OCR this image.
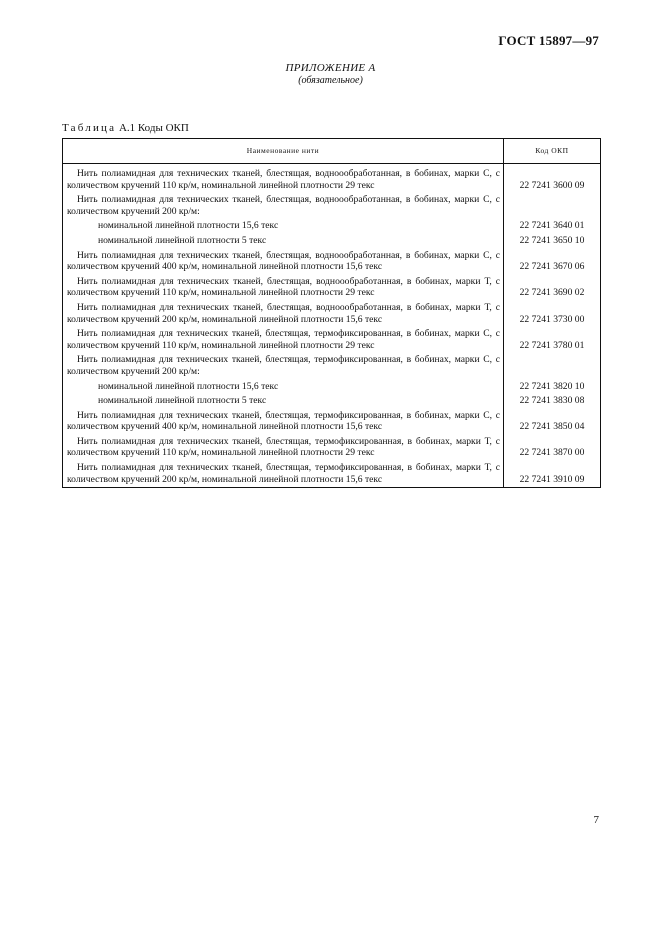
ГОСТ 15897—97
ПРИЛОЖЕНИЕ А
(обязательное)
Таблица А.1 Коды ОКП
Наименование нити	Код ОКП
Нить полиамидная для технических тканей, блестящая, водноообработанная, в бобинах, марки С, с количеством кручений 110 кр/м, номинальной линейной плотности 29 текс	22 7241 3600 09
Нить полиамидная для технических тканей, блестящая, водноообработанная, в бобинах, марки С, с количеством кручений 200 кр/м:	
номинальной линейной плотности 15,6 текс	22 7241 3640 01
номинальной линейной плотности 5 текс	22 7241 3650 10
Нить полиамидная для технических тканей, блестящая, водноообработанная, в бобинах, марки С, с количеством кручений 400 кр/м, номинальной линейной плотности 15,6 текс	22 7241 3670 06
Нить полиамидная для технических тканей, блестящая, водноообработанная, в бобинах, марки Т, с количеством кручений 110 кр/м, номинальной линейной плотности 29 текс	22 7241 3690 02
Нить полиамидная для технических тканей, блестящая, водноообработанная, в бобинах, марки Т, с количеством кручений 200 кр/м, номинальной линейной плотности 15,6 текс	22 7241 3730 00
Нить полиамидная для технических тканей, блестящая, термофиксированная, в бобинах, марки С, с количеством кручений 110 кр/м, номинальной линейной плотности 29 текс	22 7241 3780 01
Нить полиамидная для технических тканей, блестящая, термофиксированная, в бобинах, марки С, с количеством кручений 200 кр/м:	
номинальной линейной плотности 15,6 текс	22 7241 3820 10
номинальной линейной плотности 5 текс	22 7241 3830 08
Нить полиамидная для технических тканей, блестящая, термофиксированная, в бобинах, марки С, с количеством кручений 400 кр/м, номинальной линейной плотности 15,6 текс	22 7241 3850 04
Нить полиамидная для технических тканей, блестящая, термофиксированная, в бобинах, марки Т, с количеством кручений 110 кр/м, номинальной линейной плотности 29 текс	22 7241 3870 00
Нить полиамидная для технических тканей, блестящая, термофиксированная, в бобинах, марки Т, с количеством кручений 200 кр/м, номинальной линейной плотности 15,6 текс	22 7241 3910 09
7
